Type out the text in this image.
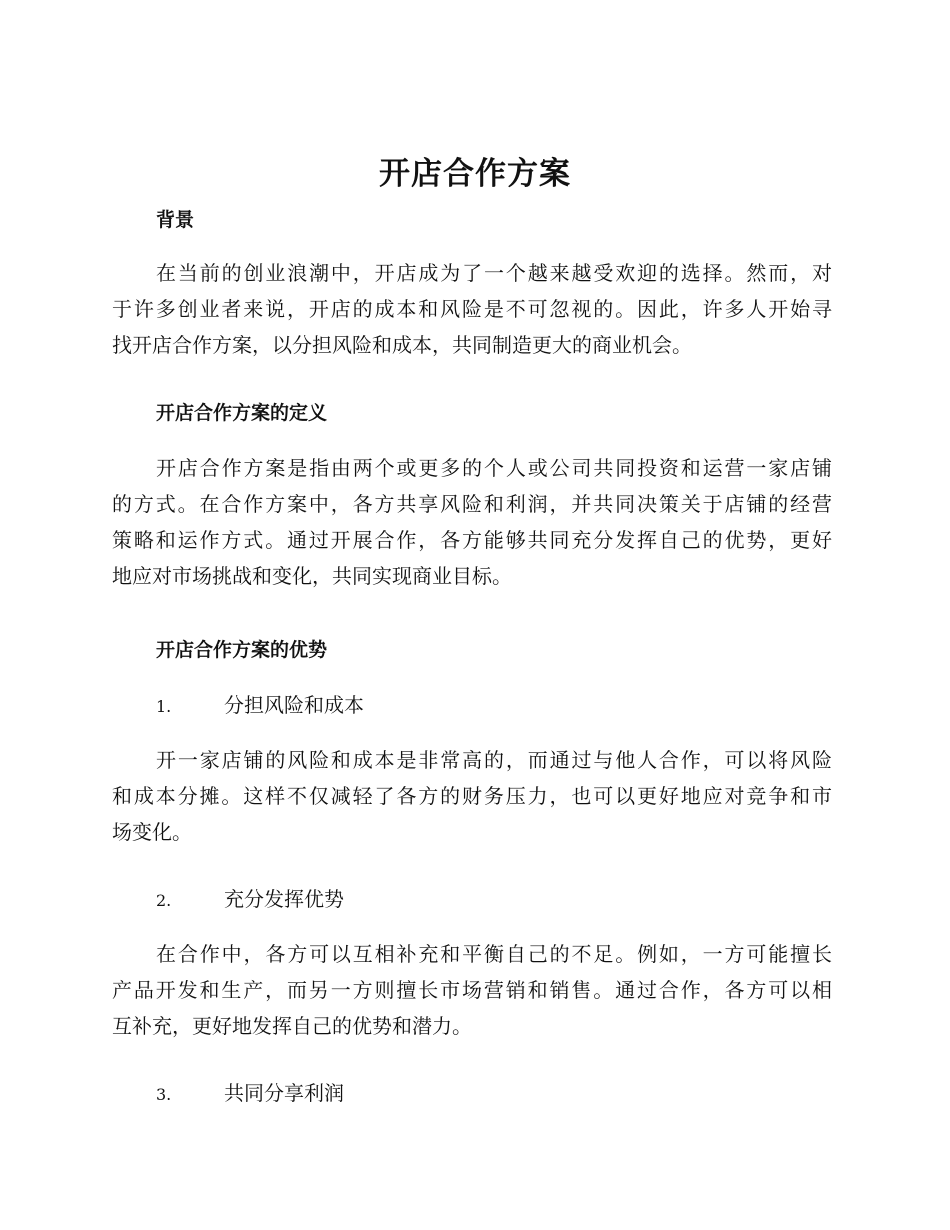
开店合作方案
背景

在当前的创业浪潮中，开店成为了一个越来越受欢迎的选择。然而，对
于许多创业者来说，开店的成本和风险是不可忽视的。因此，许多人开始寻
找开店合作方案，以分担风险和成本，共同制造更大的商业机会。

开店合作方案的定义

开店合作方案是指由两个或更多的个人或公司共同投资和运营一家店铺
的方式。在合作方案中，各方共享风险和利润，并共同决策关于店铺的经营
策略和运作方式。通过开展合作，各方能够共同充分发挥自己的优势，更好
地应对市场挑战和变化，共同实现商业目标。

开店合作方案的优势
1.	分担风险和成本

开一家店铺的风险和成本是非常高的，而通过与他人合作，可以将风险
和成本分摊。这样不仅减轻了各方的财务压力，也可以更好地应对竞争和市
场变化。

2.	充分发挥优势

在合作中，各方可以互相补充和平衡自己的不足。例如，一方可能擅长
产品开发和生产，而另一方则擅长市场营销和销售。通过合作，各方可以相
互补充，更好地发挥自己的优势和潜力。

3.	共同分享利润
